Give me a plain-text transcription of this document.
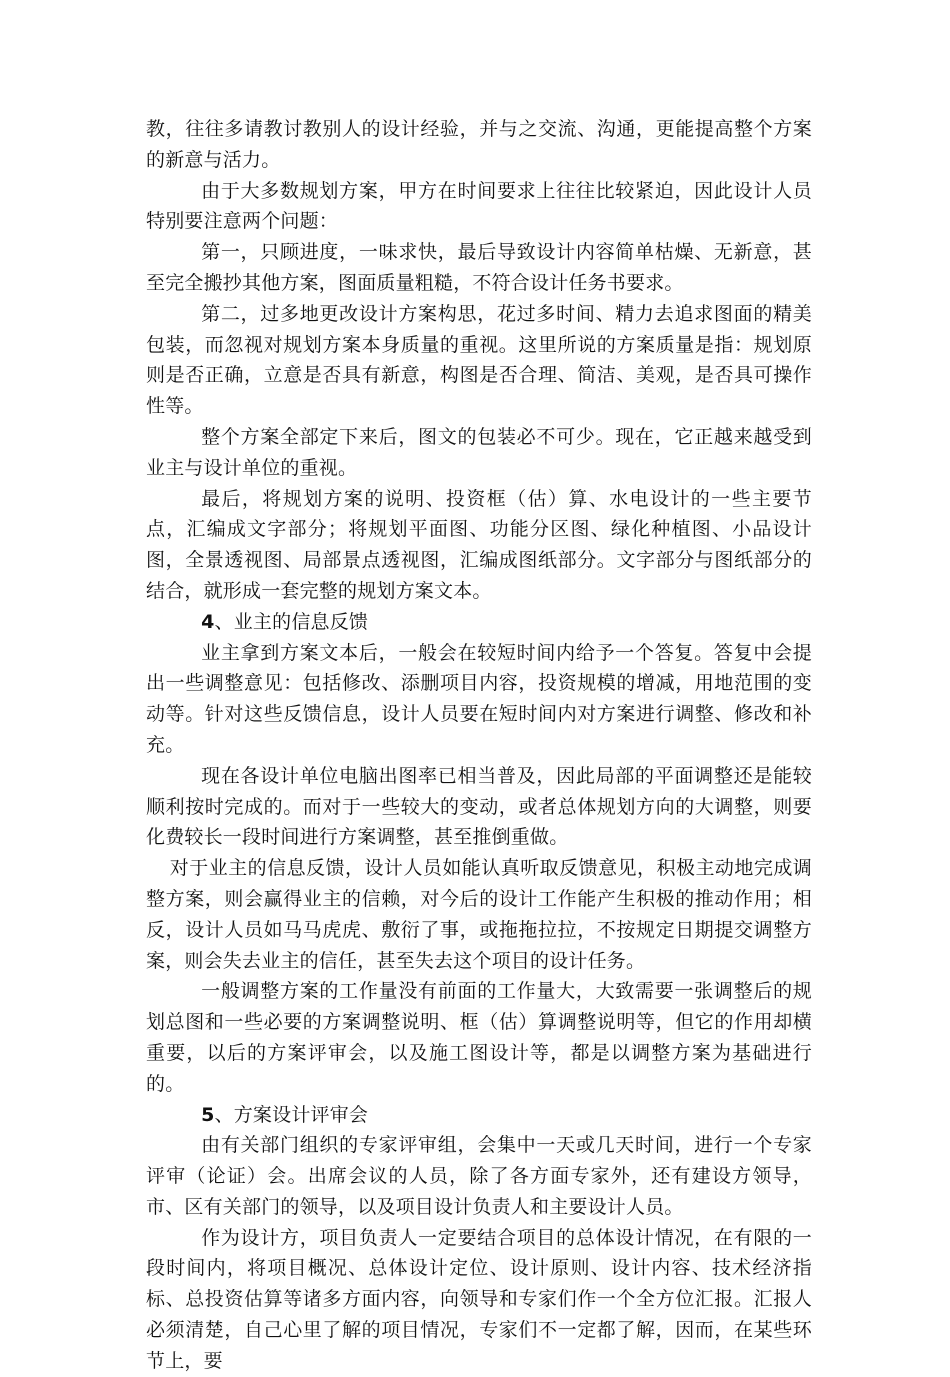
教，往往多请教讨教别人的设计经验，并与之交流、沟通，更能提高整个方案的新意与活力。

由于大多数规划方案，甲方在时间要求上往往比较紧迫，因此设计人员特别要注意两个问题：

第一，只顾进度，一味求快，最后导致设计内容简单枯燥、无新意，甚至完全搬抄其他方案，图面质量粗糙，不符合设计任务书要求。

第二，过多地更改设计方案构思，花过多时间、精力去追求图面的精美包装，而忽视对规划方案本身质量的重视。这里所说的方案质量是指：规划原则是否正确，立意是否具有新意，构图是否合理、简洁、美观，是否具可操作性等。

整个方案全部定下来后，图文的包装必不可少。现在，它正越来越受到业主与设计单位的重视。

最后，将规划方案的说明、投资框（估）算、水电设计的一些主要节点，汇编成文字部分；将规划平面图、功能分区图、绿化种植图、小品设计图，全景透视图、局部景点透视图，汇编成图纸部分。文字部分与图纸部分的结合，就形成一套完整的规划方案文本。

4、业主的信息反馈

业主拿到方案文本后，一般会在较短时间内给予一个答复。答复中会提出一些调整意见：包括修改、添删项目内容，投资规模的增减，用地范围的变动等。针对这些反馈信息，设计人员要在短时间内对方案进行调整、修改和补充。

现在各设计单位电脑出图率已相当普及，因此局部的平面调整还是能较顺利按时完成的。而对于一些较大的变动，或者总体规划方向的大调整，则要化费较长一段时间进行方案调整，甚至推倒重做。

对于业主的信息反馈，设计人员如能认真听取反馈意见，积极主动地完成调整方案，则会赢得业主的信赖，对今后的设计工作能产生积极的推动作用；相反，设计人员如马马虎虎、敷衍了事，或拖拖拉拉，不按规定日期提交调整方案，则会失去业主的信任，甚至失去这个项目的设计任务。

一般调整方案的工作量没有前面的工作量大，大致需要一张调整后的规划总图和一些必要的方案调整说明、框（估）算调整说明等，但它的作用却横重要，以后的方案评审会，以及施工图设计等，都是以调整方案为基础进行的。

5、方案设计评审会

由有关部门组织的专家评审组，会集中一天或几天时间，进行一个专家评审（论证）会。出席会议的人员，除了各方面专家外，还有建设方领导，市、区有关部门的领导，以及项目设计负责人和主要设计人员。

作为设计方，项目负责人一定要结合项目的总体设计情况，在有限的一段时间内，将项目概况、总体设计定位、设计原则、设计内容、技术经济指标、总投资估算等诸多方面内容，向领导和专家们作一个全方位汇报。汇报人必须清楚，自己心里了解的项目情况，专家们不一定都了解，因而，在某些环节上，要
